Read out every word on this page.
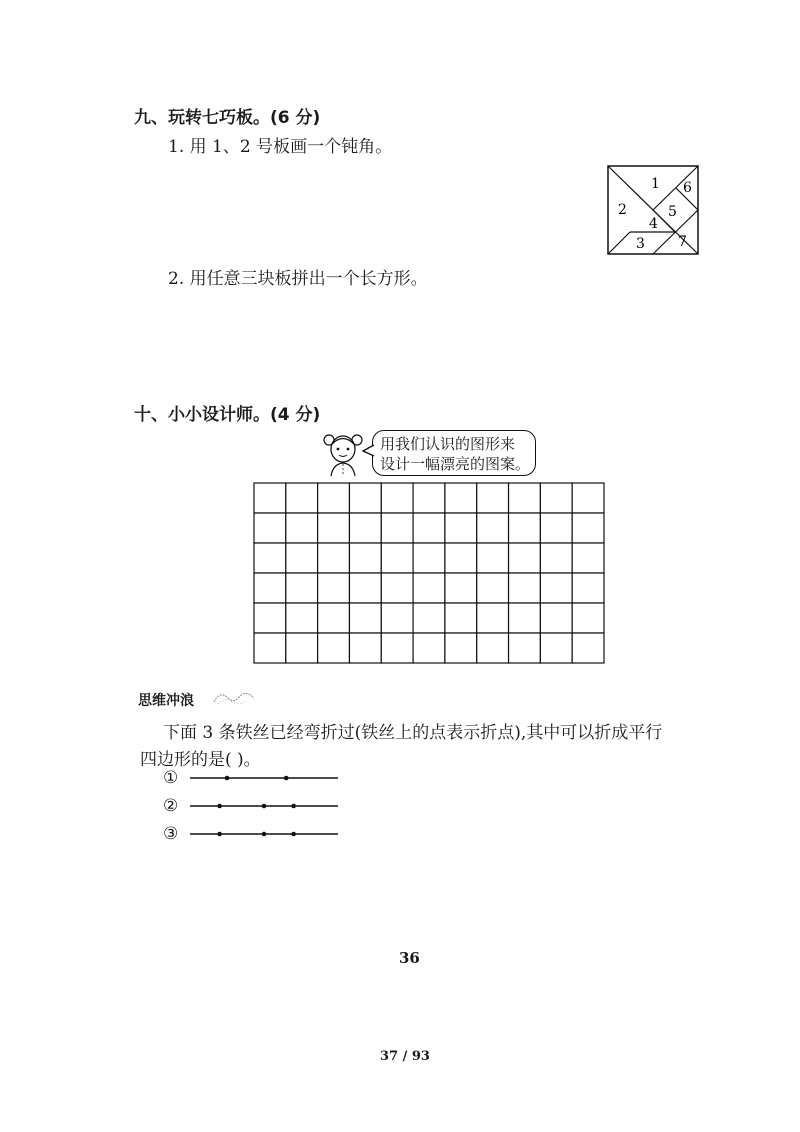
九、玩转七巧板。(6 分)
1. 用 1、2 号板画一个钝角。
2. 用任意三块板拼出一个长方形。
1
2
3
4
5
6
7
十、小小设计师。(4 分)
用我们认识的图形来
设计一幅漂亮的图案。
思维冲浪
下面 3 条铁丝已经弯折过(铁丝上的点表示折点),其中可以折成平行
四边形的是( )。
①
②
③
36
37 / 93
